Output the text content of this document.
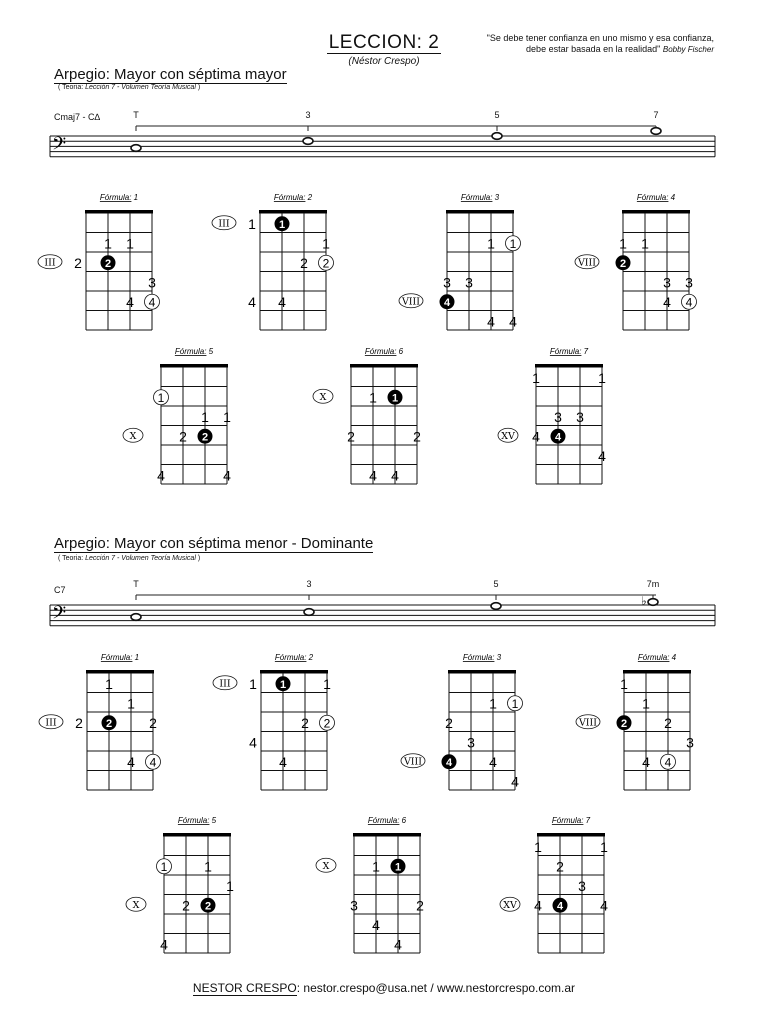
LECCION: 2
(Néstor Crespo)
"Se debe tener confianza en uno mismo y esa confianza,
debe estar basada en la realidad" Bobby Fischer
Arpegio: Mayor con séptima mayor
( Teoria: Lección 7 - Volumen Teoría Musical )
Cmaj7 - C∆
Arpegio: Mayor con séptima menor - Dominante
( Teoria: Lección 7 - Volumen Teoría Musical )
C7
T	3	5	7
T	3	5	7m
𝄢
𝄢
♭
Fórmula: 1
III
1 1
2 2
3
4 4
Fórmula: 2
III 1 1
1
2 2
4 4
Fórmula: 3
VIII
1 1
3 3
4
4 4
Fórmula: 4
VIII
1 1
2
3 3
4 4
Fórmula: 5
X
1
1 1
2 2
4	4
Fórmula: 6
X	1 1
2	2
4 4
Fórmula: 7
XV
1	1
3 3
4 4
4
Fórmula: 1
III
1
1
2 2	2
4 4
Fórmula: 2
III 1 1	1
2 2
4
4
Fórmula: 3
VIII
1 1
2
3
4	4
4
Fórmula: 4
VIII
1
1
2	2
3
4 4
Fórmula: 5
X
1	1
1
2 2
4
Fórmula: 6
X	1 1
3	2
4
4
Fórmula: 7
XV
1	1
2
3
4 4	4
NESTOR CRESPO: nestor.crespo@usa.net / www.nestorcrespo.com.ar
